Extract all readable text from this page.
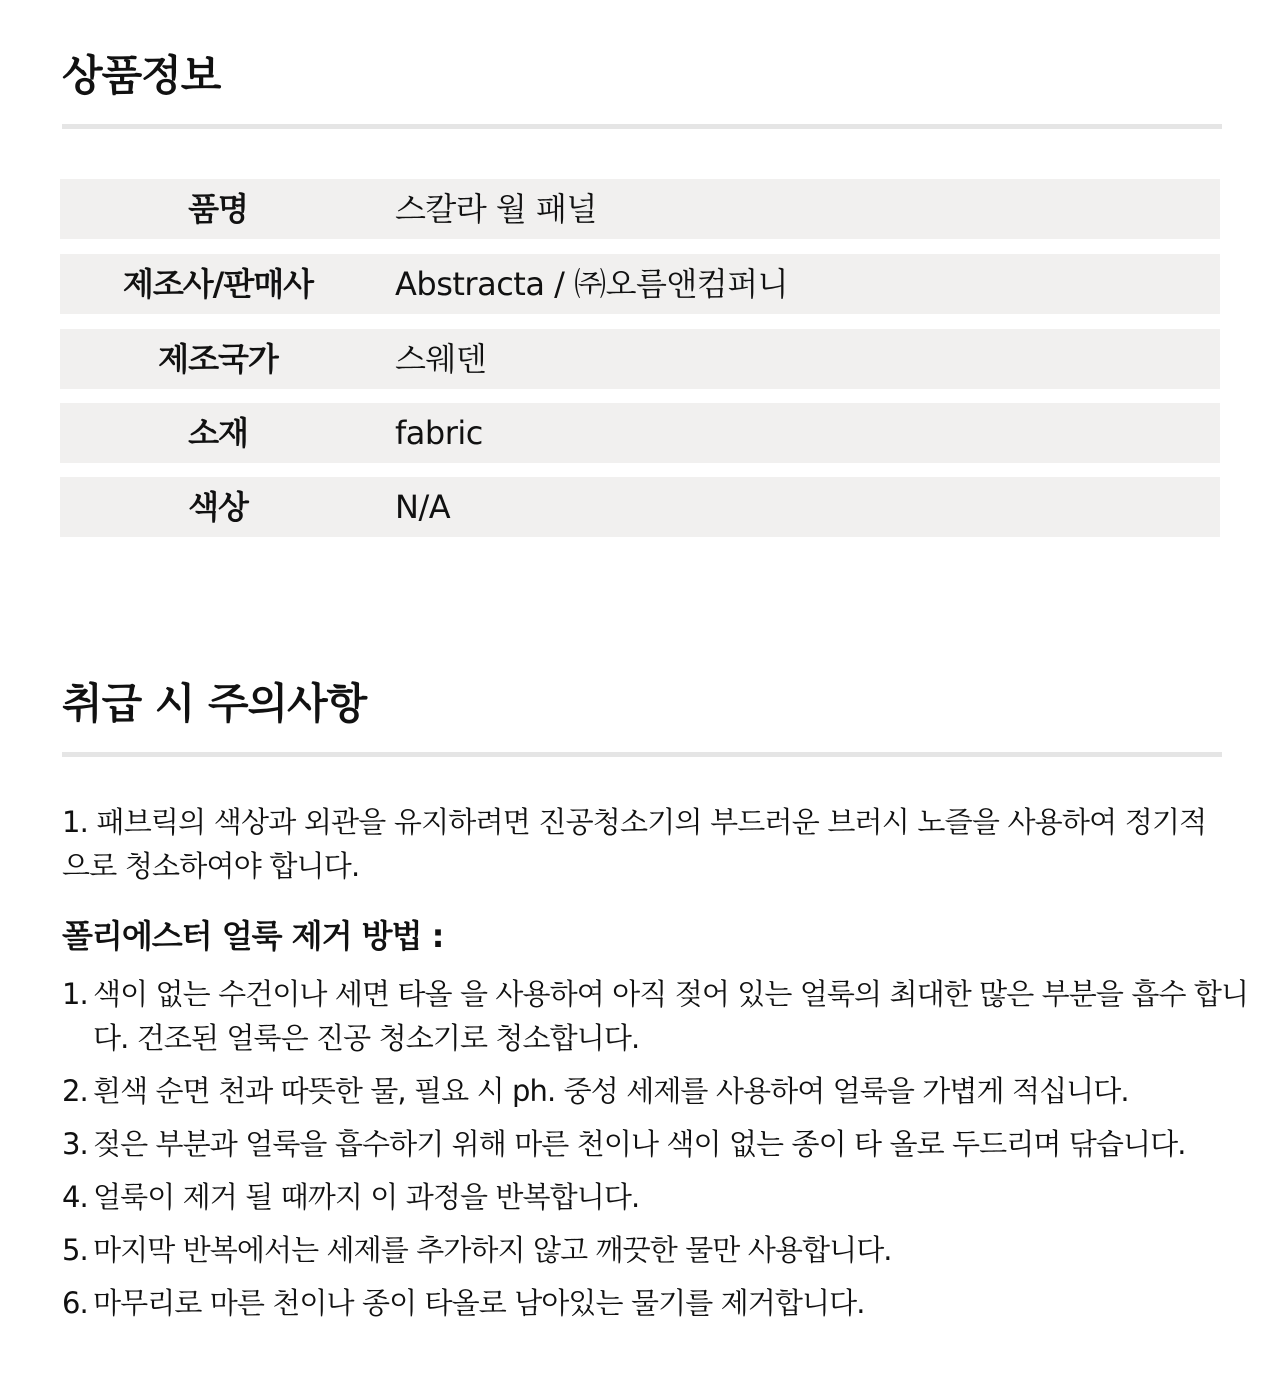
상품정보
품명	스칼라 월 패널
제조사/판매사	Abstracta / ㈜오름앤컴퍼니
제조국가	스웨덴
소재	fabric
색상	N/A
취급 시 주의사항

1. 패브릭의 색상과 외관을 유지하려면 진공청소기의 부드러운 브러시 노즐을 사용하여 정기적으로 청소하여야 합니다.

폴리에스터 얼룩 제거 방법 :
1. 색이 없는 수건이나 세면 타올 을 사용하여 아직 젖어 있는 얼룩의 최대한 많은 부분을 흡수 합니다. 건조된 얼룩은 진공 청소기로 청소합니다.
2. 흰색 순면 천과 따뜻한 물, 필요 시 ph. 중성 세제를 사용하여 얼룩을 가볍게 적십니다.
3. 젖은 부분과 얼룩을 흡수하기 위해 마른 천이나 색이 없는 종이 타 올로 두드리며 닦습니다.
4. 얼룩이 제거 될 때까지 이 과정을 반복합니다.
5. 마지막 반복에서는 세제를 추가하지 않고 깨끗한 물만 사용합니다.
6. 마무리로 마른 천이나 종이 타올로 남아있는 물기를 제거합니다.
